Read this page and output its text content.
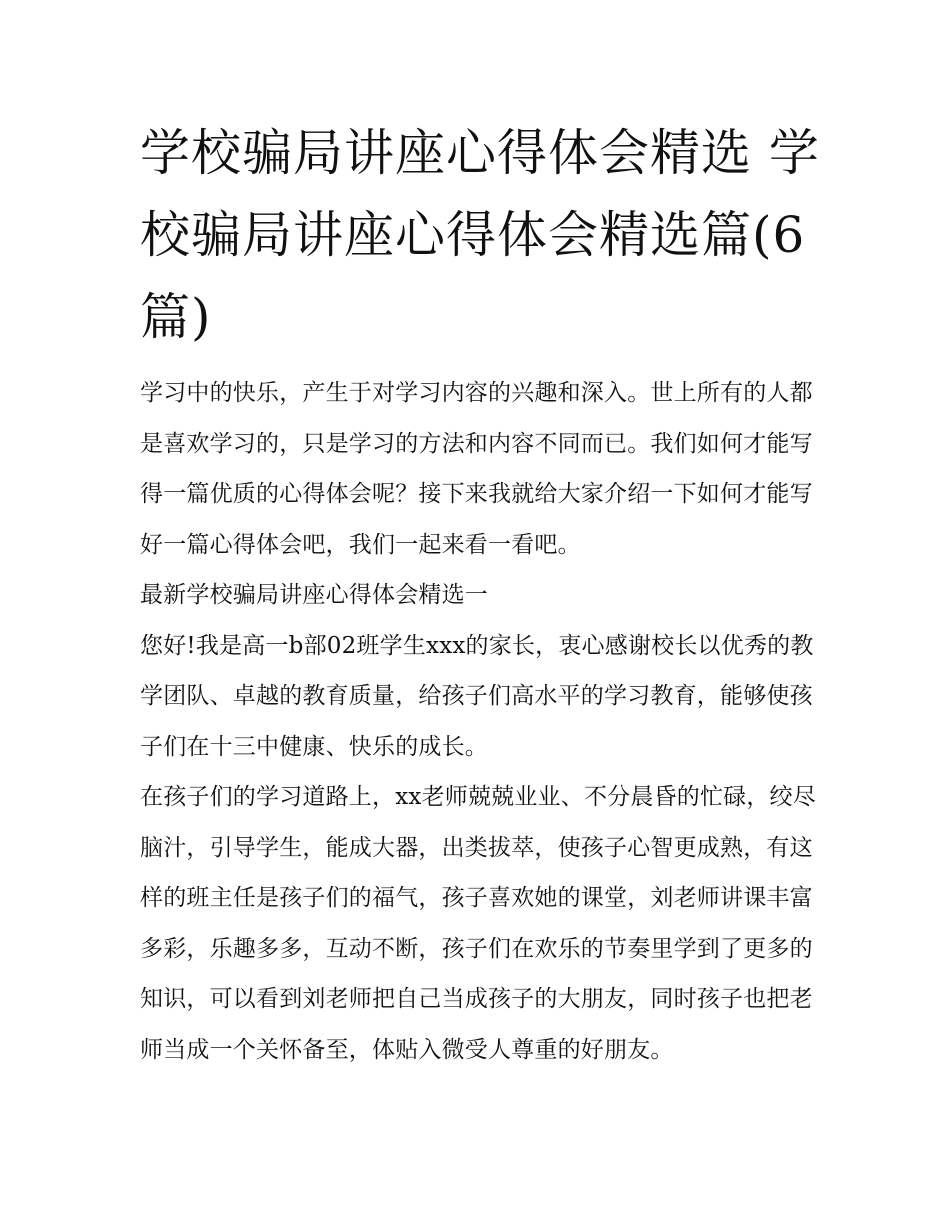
学校骗局讲座心得体会精选 学校骗局讲座心得体会精选篇(6篇)

学习中的快乐，产生于对学习内容的兴趣和深入。世上所有的人都是喜欢学习的，只是学习的方法和内容不同而已。我们如何才能写得一篇优质的心得体会呢？接下来我就给大家介绍一下如何才能写好一篇心得体会吧，我们一起来看一看吧。

最新学校骗局讲座心得体会精选一

您好!我是高一b部02班学生xxx的家长，衷心感谢校长以优秀的教学团队、卓越的教育质量，给孩子们高水平的学习教育，能够使孩子们在十三中健康、快乐的成长。

在孩子们的学习道路上，xx老师兢兢业业、不分晨昏的忙碌，绞尽脑汁，引导学生，能成大器，出类拔萃，使孩子心智更成熟，有这样的班主任是孩子们的福气，孩子喜欢她的课堂，刘老师讲课丰富多彩，乐趣多多，互动不断，孩子们在欢乐的节奏里学到了更多的知识，可以看到刘老师把自己当成孩子的大朋友，同时孩子也把老师当成一个关怀备至，体贴入微受人尊重的好朋友。
